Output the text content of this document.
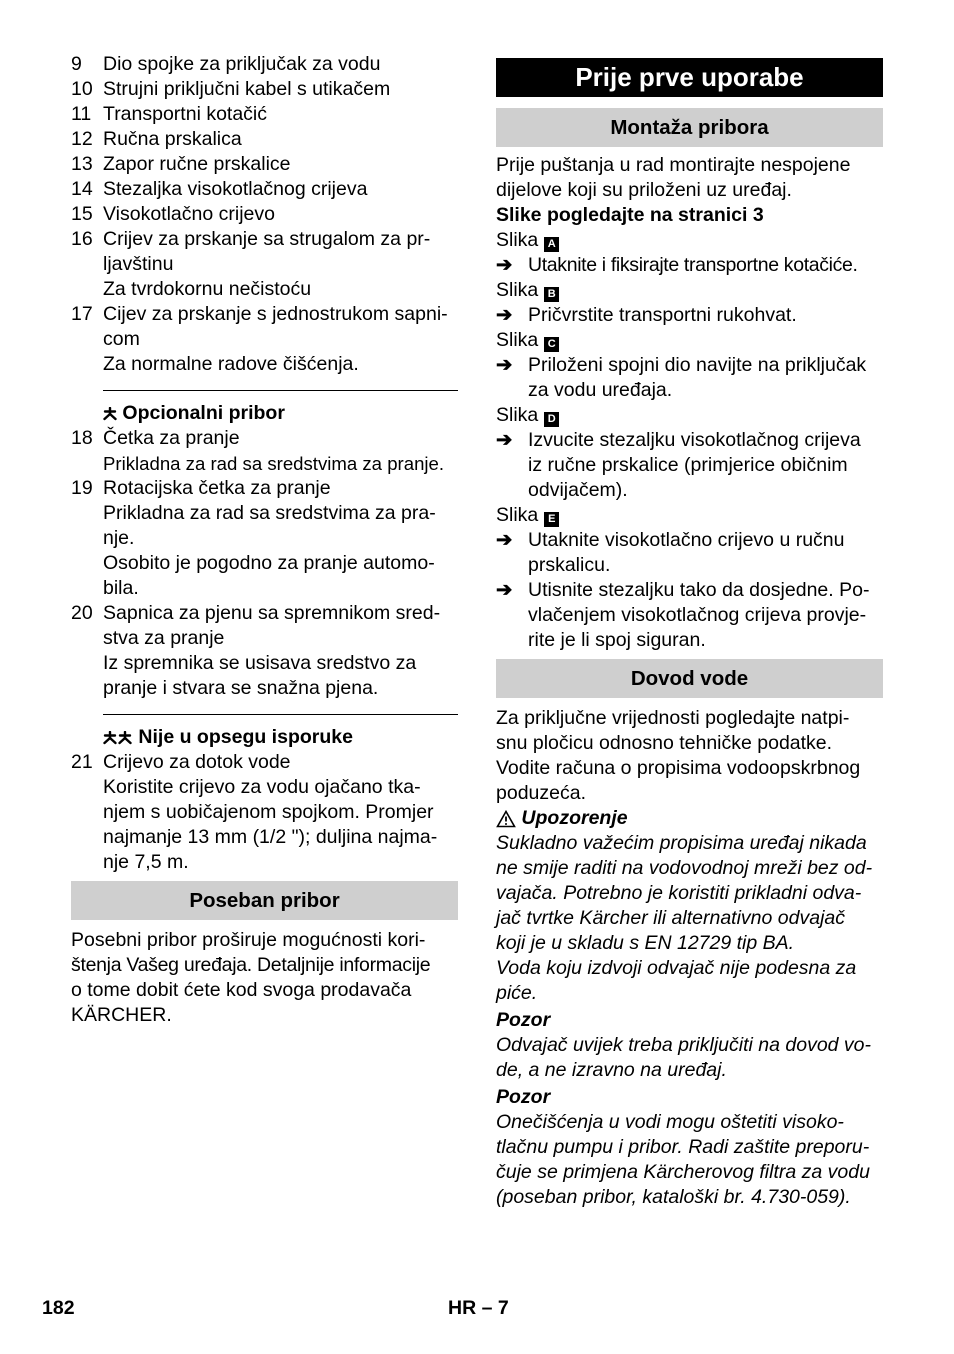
9	Dio spojke za priključak za vodu
10 Strujni priključni kabel s utikačem
11 Transportni kotačić
12 Ručna prskalica
13 Zapor ručne prskalice
14 Stezaljka visokotlačnog crijeva
15 Visokotlačno crijevo
16 Crijev za prskanje sa strugalom za pr-
ljavštinu
Za tvrdokornu nečistoću
17 Cijev za prskanje s jednostrukom sapni-
com
Za normalne radove čišćenja.
Opcionalni pribor
18 Četka za pranje
Prikladna za rad sa sredstvima za pranje.
19 Rotacijska četka za pranje
Prikladna za rad sa sredstvima za pra-
nje.
Osobito je pogodno za pranje automo-
bila.
20 Sapnica za pjenu sa spremnikom sred-
stva za pranje
Iz spremnika se usisava sredstvo za
pranje i stvara se snažna pjena.
Nije u opsegu isporuke
21 Crijevo za dotok vode
Koristite crijevo za vodu ojačano tka-
njem s uobičajenom spojkom. Promjer
najmanje 13 mm (1/2 "); duljina najma-
nje 7,5 m.
Poseban pribor
Posebni pribor proširuje mogućnosti kori-
štenja Vašeg uređaja. Detaljnije informacije
o tome dobit ćete kod svoga prodavača
KÄRCHER.
Prije prve uporabe
Montaža pribora
Prije puštanja u rad montirajte nespojene
dijelove koji su priloženi uz uređaj.
Slike pogledajte na stranici 3
Slika A
➔ Utaknite i fiksirajte transportne kotačiće.
Slika B
➔ Pričvrstite transportni rukohvat.
Slika C
➔ Priloženi spojni dio navijte na priključak
za vodu uređaja.
Slika D
➔ Izvucite stezaljku visokotlačnog crijeva
iz ručne prskalice (primjerice običnim
odvijačem).
Slika E
➔ Utaknite visokotlačno crijevo u ručnu
prskalicu.
➔ Utisnite stezaljku tako da dosjedne. Po-
vlačenjem visokotlačnog crijeva provje-
rite je li spoj siguran.
Dovod vode
Za priključne vrijednosti pogledajte natpi-
snu pločicu odnosno tehničke podatke.
Vodite računa o propisima vodoopskrbnog
poduzeća.
Upozorenje
Sukladno važećim propisima uređaj nikada
ne smije raditi na vodovodnoj mreži bez od-
vajača. Potrebno je koristiti prikladni odva-
jač tvrtke Kärcher ili alternativno odvajač
koji je u skladu s EN 12729 tip BA.
Voda koju izdvoji odvajač nije podesna za
piće.
Pozor
Odvajač uvijek treba priključiti na dovod vo-
de, a ne izravno na uređaj.
Pozor
Onečišćenja u vodi mogu oštetiti visoko-
tlačnu pumpu i pribor. Radi zaštite preporu-
čuje se primjena Kärcherovog filtra za vodu
(poseban pribor, kataloški br. 4.730-059).
182	HR – 7
